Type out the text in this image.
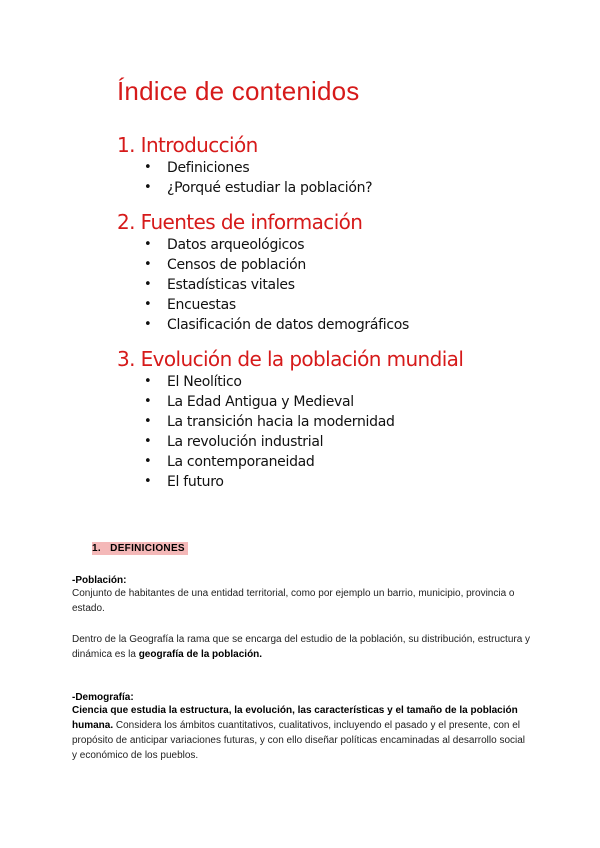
Índice de contenidos
1. Introducción
• Definiciones
• ¿Porqué estudiar la población?
2. Fuentes de información
• Datos arqueológicos
• Censos de población
• Estadísticas vitales
• Encuestas
• Clasificación de datos demográficos
3. Evolución de la población mundial
• El Neolítico
• La Edad Antigua y Medieval
• La transición hacia la modernidad
• La revolución industrial
• La contemporaneidad
• El futuro
1.   DEFINICIONES

-Población:

Conjunto de habitantes de una entidad territorial, como por ejemplo un barrio, municipio, provincia o estado.

Dentro de la Geografía la rama que se encarga del estudio de la población, su distribución, estructura y dinámica es la geografía de la población.

-Demografía:

Ciencia que estudia la estructura, la evolución, las características y el tamaño de la población humana. Considera los ámbitos cuantitativos, cualitativos, incluyendo el pasado y el presente, con el propósito de anticipar variaciones futuras, y con ello diseñar políticas encaminadas al desarrollo social y económico de los pueblos.
